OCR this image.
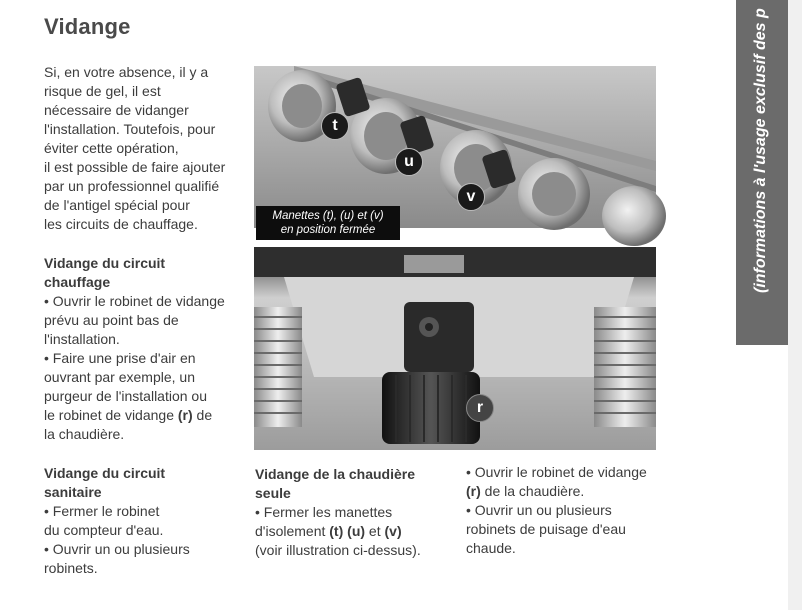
Vidange
Si, en votre absence, il y a
risque de gel, il est
nécessaire de vidanger
l'installation. Toutefois, pour
éviter cette opération,
il est possible de faire ajouter
par un professionnel qualifié
de l'antigel spécial pour
les circuits de chauffage.
t
u
v
Manettes (t), (u) et (v)
en position fermée
r
Vidange du circuit
chauffage
• Ouvrir le robinet de vidange
prévu au point bas de
l'installation.
• Faire une prise d'air en
ouvrant par exemple, un
purgeur de l'installation ou
le robinet de vidange (r) de
la chaudière.
Vidange du circuit
sanitaire
• Fermer le robinet
du compteur d'eau.
• Ouvrir un ou plusieurs
robinets.
Vidange de la chaudière
seule
• Fermer les manettes
d'isolement (t) (u) et (v)
(voir illustration ci-dessus).
• Ouvrir le robinet de vidange
(r) de la chaudière.
• Ouvrir un ou plusieurs
robinets de puisage d'eau
chaude.
(informations à l'usage exclusif des p
